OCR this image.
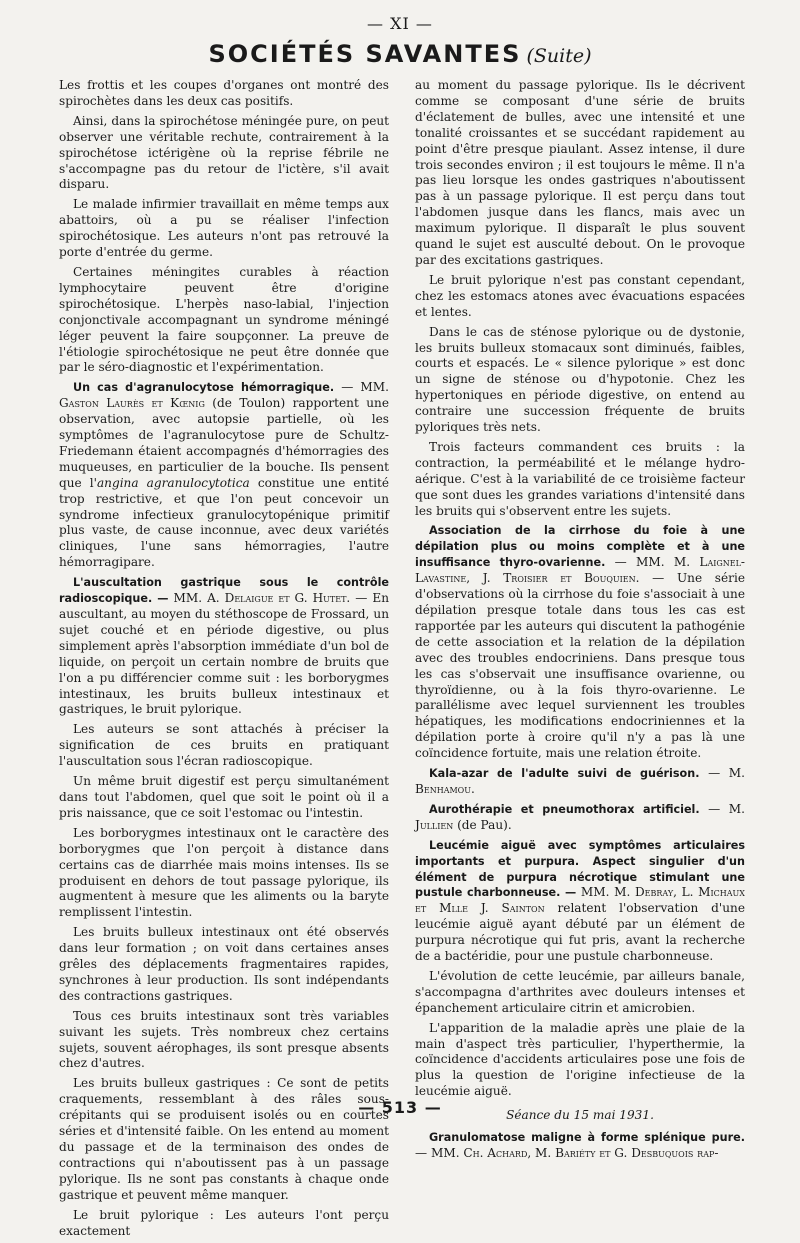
— XI —
SOCIÉTÉS SAVANTES (Suite)

Les frottis et les coupes d'organes ont montré des spirochètes dans les deux cas positifs.

Ainsi, dans la spirochétose méningée pure, on peut observer une véritable rechute, contrairement à la spirochétose ictérigène où la reprise fébrile ne s'accompagne pas du retour de l'ictère, s'il avait disparu.

Le malade infirmier travaillait en même temps aux abattoirs, où a pu se réaliser l'infection spirochétosique. Les auteurs n'ont pas retrouvé la porte d'entrée du germe.

Certaines méningites curables à réaction lymphocytaire peuvent être d'origine spirochétosique. L'herpès naso-labial, l'injection conjonctivale accompagnant un syndrome méningé léger peuvent la faire soupçonner. La preuve de l'étiologie spirochétosique ne peut être donnée que par le séro-diagnostic et l'expérimentation.

Un cas d'agranulocytose hémorragique. — MM. Gaston Laurès et Kœnig (de Toulon) rapportent une observation, avec autopsie partielle, où les symptômes de l'agranulocytose pure de Schultz-Friedemann étaient accompagnés d'hémorragies des muqueuses, en particulier de la bouche. Ils pensent que l'angina agranulocytotica constitue une entité trop restrictive, et que l'on peut concevoir un syndrome infectieux granulocytopénique primitif plus vaste, de cause inconnue, avec deux variétés cliniques, l'une sans hémorragies, l'autre hémorragipare.

L'auscultation gastrique sous le contrôle radioscopique. — MM. A. Delaigue et G. Hutet. — En auscultant, au moyen du stéthoscope de Frossard, un sujet couché et en période digestive, ou plus simplement après l'absorption immédiate d'un bol de liquide, on perçoit un certain nombre de bruits que l'on a pu différencier comme suit : les borborygmes intestinaux, les bruits bulleux intestinaux et gastriques, le bruit pylorique.

Les auteurs se sont attachés à préciser la signification de ces bruits en pratiquant l'auscultation sous l'écran radioscopique.

Un même bruit digestif est perçu simultanément dans tout l'abdomen, quel que soit le point où il a pris naissance, que ce soit l'estomac ou l'intestin.

Les borborygmes intestinaux ont le caractère des borborygmes que l'on perçoit à distance dans certains cas de diarrhée mais moins intenses. Ils se produisent en dehors de tout passage pylorique, ils augmentent à mesure que les aliments ou la baryte remplissent l'intestin.

Les bruits bulleux intestinaux ont été observés dans leur formation ; on voit dans certaines anses grêles des déplacements fragmentaires rapides, synchrones à leur production. Ils sont indépendants des contractions gastriques.

Tous ces bruits intestinaux sont très variables suivant les sujets. Très nombreux chez certains sujets, souvent aérophages, ils sont presque absents chez d'autres.

Les bruits bulleux gastriques : Ce sont de petits craquements, ressemblant à des râles sous-crépitants qui se produisent isolés ou en courtes séries et d'intensité faible. On les entend au moment du passage et de la terminaison des ondes de contractions qui n'aboutissent pas à un passage pylorique. Ils ne sont pas constants à chaque onde gastrique et peuvent même manquer.

Le bruit pylorique : Les auteurs l'ont perçu exactement

au moment du passage pylorique. Ils le décrivent comme se composant d'une série de bruits d'éclatement de bulles, avec une intensité et une tonalité croissantes et se succédant rapidement au point d'être presque piaulant. Assez intense, il dure trois secondes environ ; il est toujours le même. Il n'a pas lieu lorsque les ondes gastriques n'aboutissent pas à un passage pylorique. Il est perçu dans tout l'abdomen jusque dans les flancs, mais avec un maximum pylorique. Il disparaît le plus souvent quand le sujet est ausculté debout. On le provoque par des excitations gastriques.

Le bruit pylorique n'est pas constant cependant, chez les estomacs atones avec évacuations espacées et lentes.

Dans le cas de sténose pylorique ou de dystonie, les bruits bulleux stomacaux sont diminués, faibles, courts et espacés. Le « silence pylorique » est donc un signe de sténose ou d'hypotonie. Chez les hypertoniques en période digestive, on entend au contraire une succession fréquente de bruits pyloriques très nets.

Trois facteurs commandent ces bruits : la contraction, la perméabilité et le mélange hydro-aérique. C'est à la variabilité de ce troisième facteur que sont dues les grandes variations d'intensité dans les bruits qui s'observent entre les sujets.

Association de la cirrhose du foie à une dépilation plus ou moins complète et à une insuffisance thyro-ovarienne. — MM. M. Laignel-Lavastine, J. Troisier et Bouquien. — Une série d'observations où la cirrhose du foie s'associait à une dépilation presque totale dans tous les cas est rapportée par les auteurs qui discutent la pathogénie de cette association et la relation de la dépilation avec des troubles endocriniens. Dans presque tous les cas s'observait une insuffisance ovarienne, ou thyroïdienne, ou à la fois thyro-ovarienne. Le parallélisme avec lequel surviennent les troubles hépatiques, les modifications endocriniennes et la dépilation porte à croire qu'il n'y a pas là une coïncidence fortuite, mais une relation étroite.

Kala-azar de l'adulte suivi de guérison. — M. Benhamou.

Aurothérapie et pneumothorax artificiel. — M. Jullien (de Pau).

Leucémie aiguë avec symptômes articulaires importants et purpura. Aspect singulier d'un élément de purpura nécrotique stimulant une pustule charbonneuse. — MM. M. Debray, L. Michaux et Mlle J. Sainton relatent l'observation d'une leucémie aiguë ayant débuté par un élément de purpura nécrotique qui fut pris, avant la recherche de a bactéridie, pour une pustule charbonneuse.

L'évolution de cette leucémie, par ailleurs banale, s'accompagna d'arthrites avec douleurs intenses et épanchement articulaire citrin et amicrobien.

L'apparition de la maladie après une plaie de la main d'aspect très particulier, l'hyperthermie, la coïncidence d'accidents articulaires pose une fois de plus la question de l'origine infectieuse de la leucémie aiguë.

Séance du 15 mai 1931.

Granulomatose maligne à forme splénique pure. — MM. Ch. Achard, M. Bariéty et G. Desbuquois rap-

— 513 —
